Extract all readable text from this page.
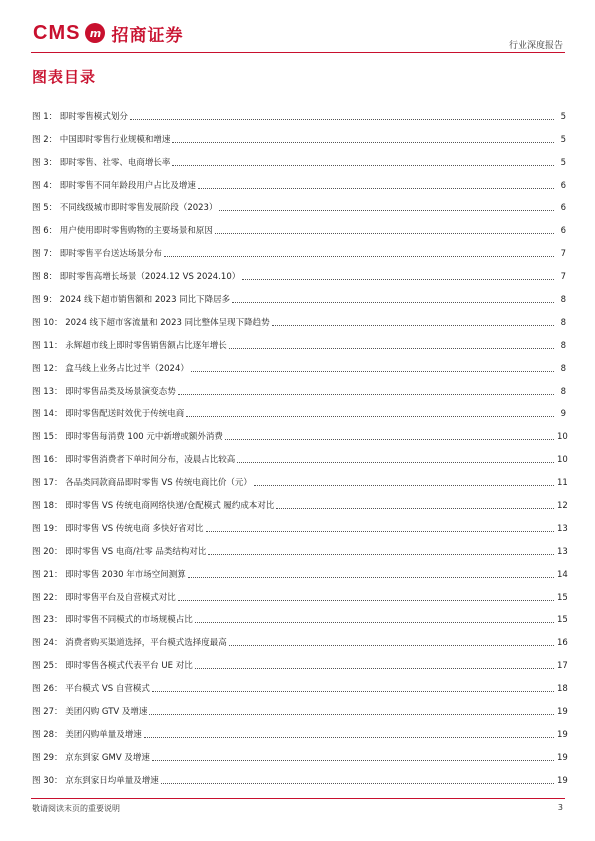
CMS m 招商证券
行业深度报告
图表目录
图 1： 即时零售模式划分	5
图 2： 中国即时零售行业规模和增速	5
图 3： 即时零售、社零、电商增长率	5
图 4： 即时零售不同年龄段用户占比及增速	6
图 5： 不同线级城市即时零售发展阶段（2023）	6
图 6： 用户使用即时零售购物的主要场景和原因	6
图 7： 即时零售平台送达场景分布	7
图 8： 即时零售高增长场景（2024.12 VS 2024.10）	7
图 9： 2024 线下超市销售额和 2023 同比下降居多	8
图 10： 2024 线下超市客流量和 2023 同比整体呈现下降趋势	8
图 11： 永辉超市线上即时零售销售额占比逐年增长	8
图 12： 盒马线上业务占比过半（2024）	8
图 13： 即时零售品类及场景演变态势	8
图 14： 即时零售配送时效优于传统电商	9
图 15： 即时零售每消费 100 元中新增或额外消费	10
图 16： 即时零售消费者下单时间分布，凌晨占比较高	10
图 17： 各品类同款商品即时零售 VS 传统电商比价（元）	11
图 18： 即时零售 VS 传统电商网络快递/仓配模式 履约成本对比	12
图 19： 即时零售 VS 传统电商 多快好省对比	13
图 20： 即时零售 VS 电商/社零 品类结构对比	13
图 21： 即时零售 2030 年市场空间测算	14
图 22： 即时零售平台及自营模式对比	15
图 23： 即时零售不同模式的市场规模占比	15
图 24： 消费者购买渠道选择，平台模式选择度最高	16
图 25： 即时零售各模式代表平台 UE 对比	17
图 26： 平台模式 VS 自营模式	18
图 27： 美团闪购 GTV 及增速	19
图 28： 美团闪购单量及增速	19
图 29： 京东到家 GMV 及增速	19
图 30： 京东到家日均单量及增速	19
敬请阅读末页的重要说明	3
